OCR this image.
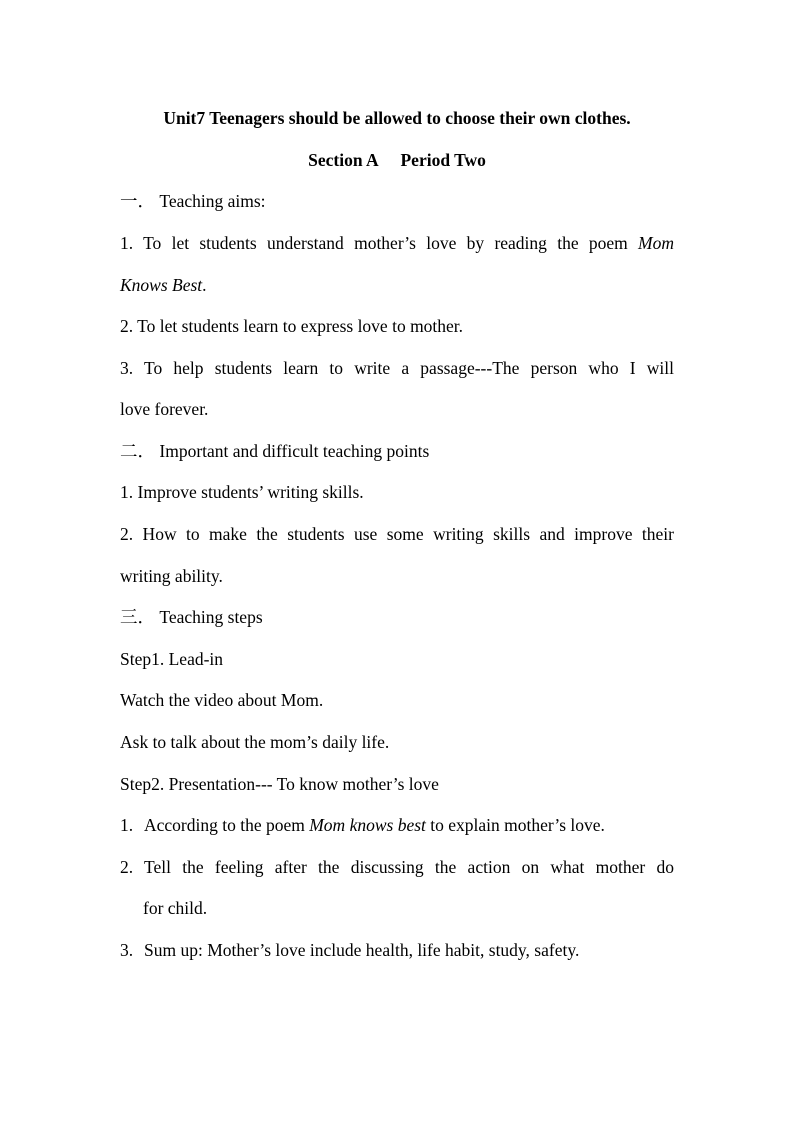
Unit7 Teenagers should be allowed to choose their own clothes.
Section A Period Two
一． Teaching aims:
1. To let students understand mother’s love by reading the poem Mom
Knows Best.
2. To let students learn to express love to mother.
3. To help students learn to write a passage---The person who I will
love forever.
二． Important and difficult teaching points
1. Improve students’ writing skills.
2. How to make the students use some writing skills and improve their
writing ability.
三． Teaching steps
Step1. Lead-in
Watch the video about Mom.
Ask to talk about the mom’s daily life.
Step2. Presentation--- To know mother’s love
1. According to the poem Mom knows best to explain mother’s love.
2. Tell the feeling after the discussing the action on what mother do
for child.
3. Sum up: Mother’s love include health, life habit, study, safety.
